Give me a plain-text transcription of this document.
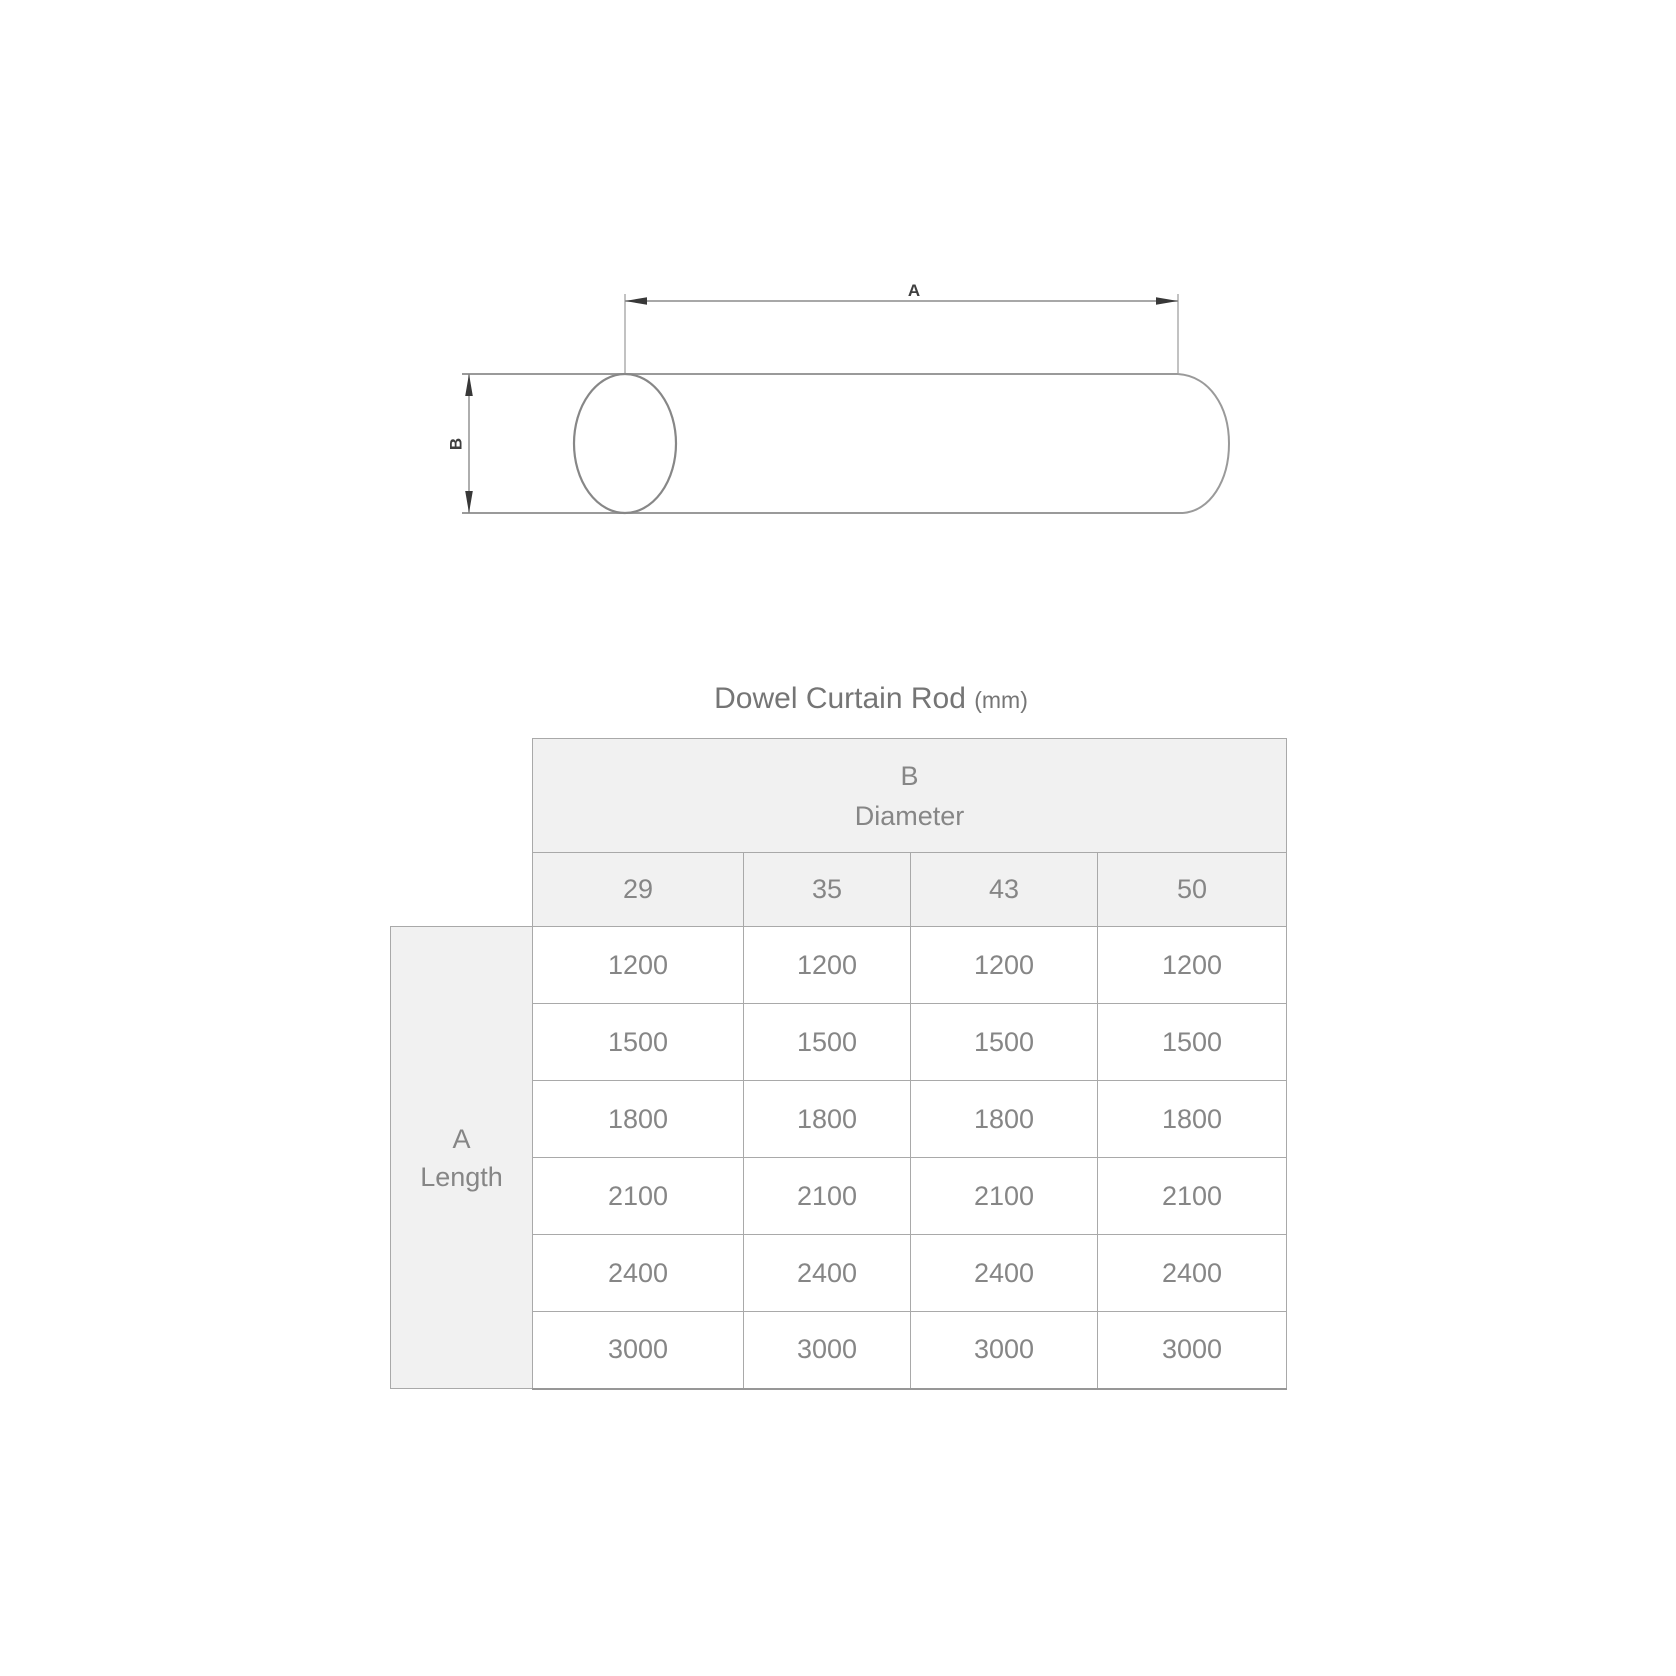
A
B
Dowel Curtain Rod (mm)
	B
Diameter			
	29	35	43	50
A
Length	1200	1200	1200	1200
	1500	1500	1500	1500
	1800	1800	1800	1800
	2100	2100	2100	2100
	2400	2400	2400	2400
	3000	3000	3000	3000
